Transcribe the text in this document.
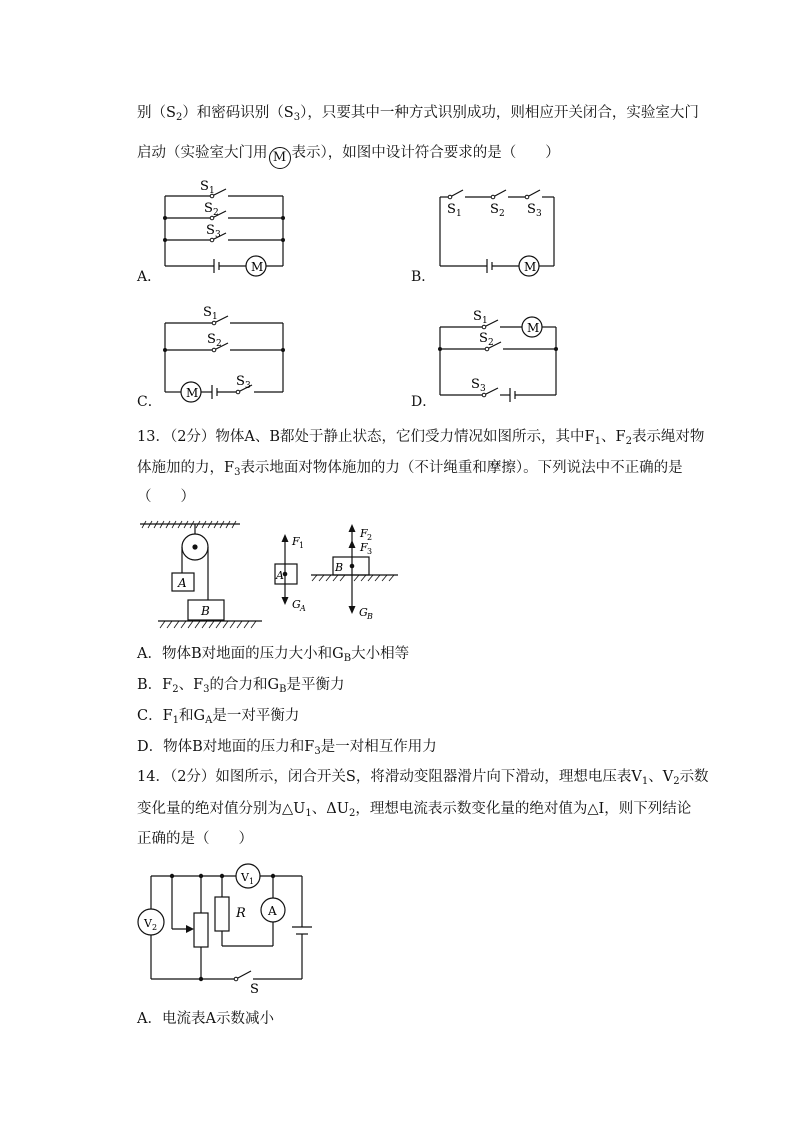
别$(S_2)$和密码识别$(S_3)$，只要其中一种方式识别成功，则相应开关闭合，实验室大门
启动（实验室大门用 M 表示），如图中设计符合要求的是（　　）
A．
S 1
S 2
S 3
M
B．
S 1 S 2 S 3
M
C．
S 1
S 2
S 3
M
D．
S 1
S 2
S 3
M
13．（2分）物体A、B都处于静止状态，它们受力情况如图所示，其中$F_1$、$F_2$表示绳对物
体施加的力，$F_3$表示地面对物体施加的力（不计绳重和摩擦）。下列说法中不正确的是
（　　）
A
B
A
B
F 1
G A
F 2
F 3
G B
A．物体B对地面的压力大小和$G_B$大小相等
B．$F_2$、$F_3$的合力和$G_B$是平衡力
C．$F_1$和$G_A$是一对平衡力
D．物体B对地面的压力和$F_3$是一对相互作用力
14．（2分）如图所示，闭合开关S，将滑动变阻器滑片向下滑动，理想电压表$V_1$、$V_2$示数
变化量的绝对值分别为$\triangle U_1$、$\Delta U_2$，理想电流表示数变化量的绝对值为△I，则下列结论
正确的是（　　）
V 2
V 1
R A
S
A．电流表A示数减小
